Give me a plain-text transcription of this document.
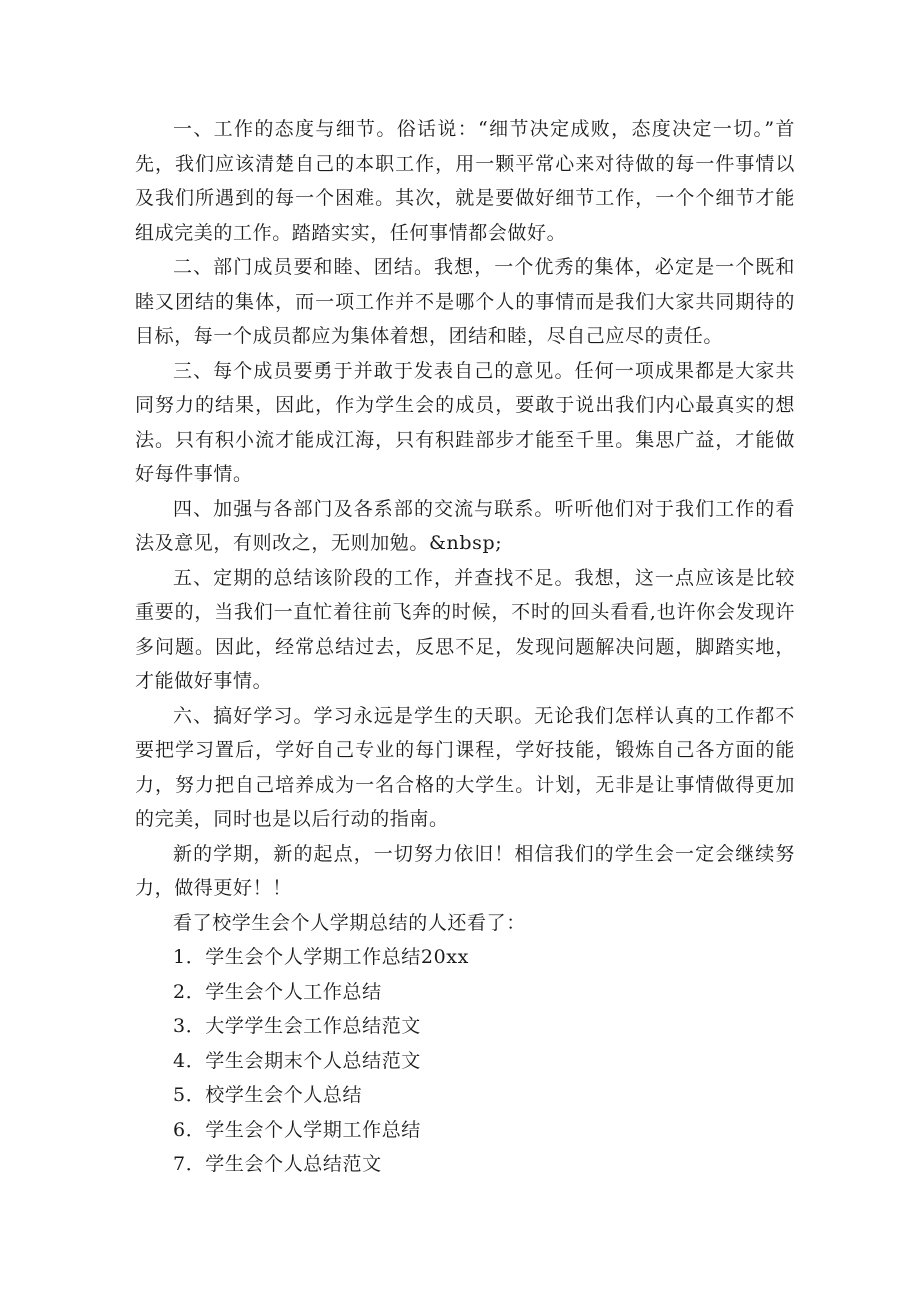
一、工作的态度与细节。俗话说：“细节决定成败，态度决定一切。”首先，我们应该清楚自己的本职工作，用一颗平常心来对待做的每一件事情以及我们所遇到的每一个困难。其次，就是要做好细节工作，一个个细节才能组成完美的工作。踏踏实实，任何事情都会做好。

二、部门成员要和睦、团结。我想，一个优秀的集体，必定是一个既和睦又团结的集体，而一项工作并不是哪个人的事情而是我们大家共同期待的目标，每一个成员都应为集体着想，团结和睦，尽自己应尽的责任。

三、每个成员要勇于并敢于发表自己的意见。任何一项成果都是大家共同努力的结果，因此，作为学生会的成员，要敢于说出我们内心最真实的想法。只有积小流才能成江海，只有积跬部步才能至千里。集思广益，才能做好每件事情。

四、加强与各部门及各系部的交流与联系。听听他们对于我们工作的看法及意见，有则改之，无则加勉。&nbsp;

五、定期的总结该阶段的工作，并查找不足。我想，这一点应该是比较重要的，当我们一直忙着往前飞奔的时候，不时的回头看看,也许你会发现许多问题。因此，经常总结过去，反思不足，发现问题解决问题，脚踏实地，才能做好事情。

六、搞好学习。学习永远是学生的天职。无论我们怎样认真的工作都不要把学习置后，学好自己专业的每门课程，学好技能，锻炼自己各方面的能力，努力把自己培养成为一名合格的大学生。计划，无非是让事情做得更加的完美，同时也是以后行动的指南。

新的学期，新的起点，一切努力依旧！相信我们的学生会一定会继续努力，做得更好！！

看了校学生会个人学期总结的人还看了：

1．学生会个人学期工作总结20xx
2．学生会个人工作总结
3．大学学生会工作总结范文
4．学生会期末个人总结范文
5．校学生会个人总结
6．学生会个人学期工作总结
7．学生会个人总结范文
